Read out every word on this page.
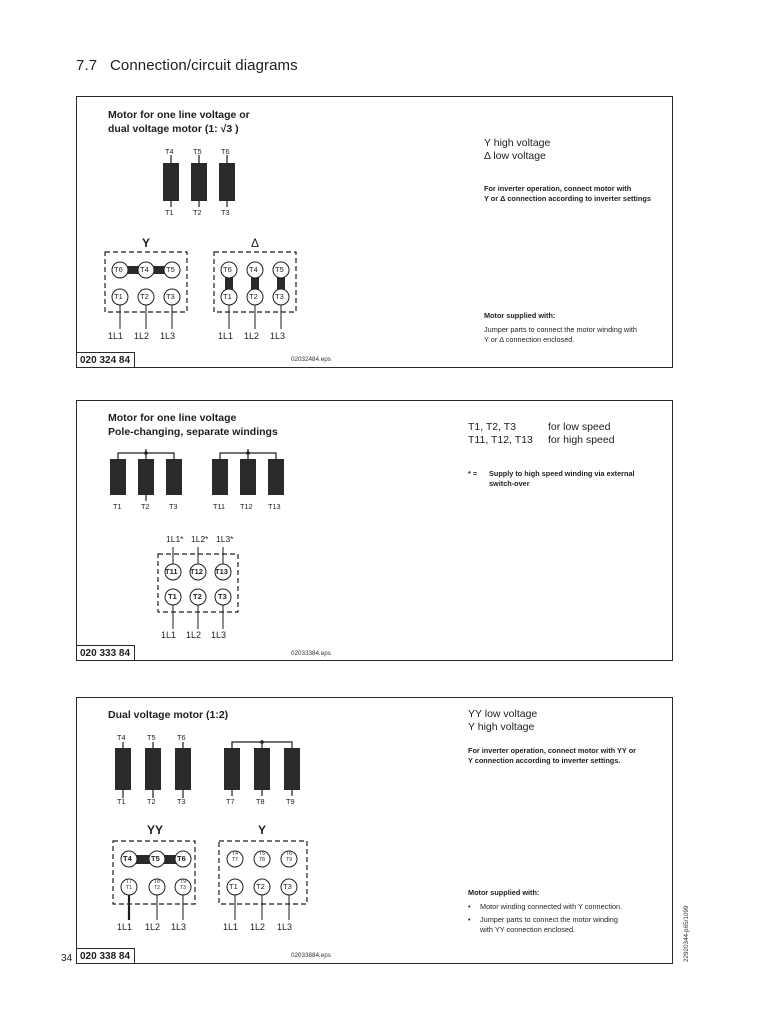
7.7 Connection/circuit diagrams
Motor for one line voltage or
dual voltage motor (1: √3 )
T4	T5	T6
T1	T2	T3
Y	Δ
T6 T4 T5
T1 T2 T3
T6 T4 T5
T1 T2 T3
1L1 1L2 1L3	1L1 1L2 1L3
Y high voltage
Δ low voltage
For inverter operation, connect motor with
Y or Δ connection according to inverter settings
Motor supplied with:
Jumper parts to connect the motor winding with
Y or Δ connection enclosed.
020 324 84	02032484.eps
Motor for one line voltage
Pole-changing, separate windings
T1	T2	T3	T11 T12 T13
1L1* 1L2* 1L3*
T11 T12 T13
T1 T2 T3
1L1 1L2 1L3
T1, T2, T3	for low speed
T11, T12, T13 for high speed
* = Supply to high speed winding via external
switch-over
020 333 84	02033384.eps
Dual voltage motor (1:2)
T4	T5	T6
T1	T2	T3	T7	T8	T9
YY	Y
T4	T5 T6
T7
T1
T8
T2
T9
T3
T4
T7
T5
T8
T6
T9
T1 T2 T3
1L1 1L2 1L3	1L1 1L2 1L3
YY low voltage
Y high voltage
For inverter operation, connect motor with YY or
Y connection according to inverter settings.
Motor supplied with:
• Motor winding connected with Y connection.
• Jumper parts to connect the motor winding
with YY connection enclosed.
020 338 84	02033884.eps
34	22920344-p65/1099
